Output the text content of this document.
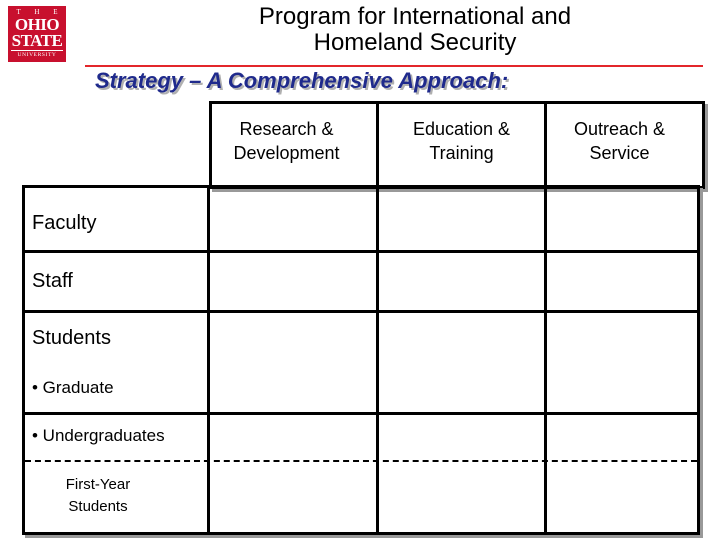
T H E
OHIO
STATE
UNIVERSITY
Program for International and
Homeland Security
Strategy – A Comprehensive Approach:
Research &
Development
Education &
Training
Outreach &
Service
Faculty
Staff
Students
• Graduate
• Undergraduates
First-Year Students
